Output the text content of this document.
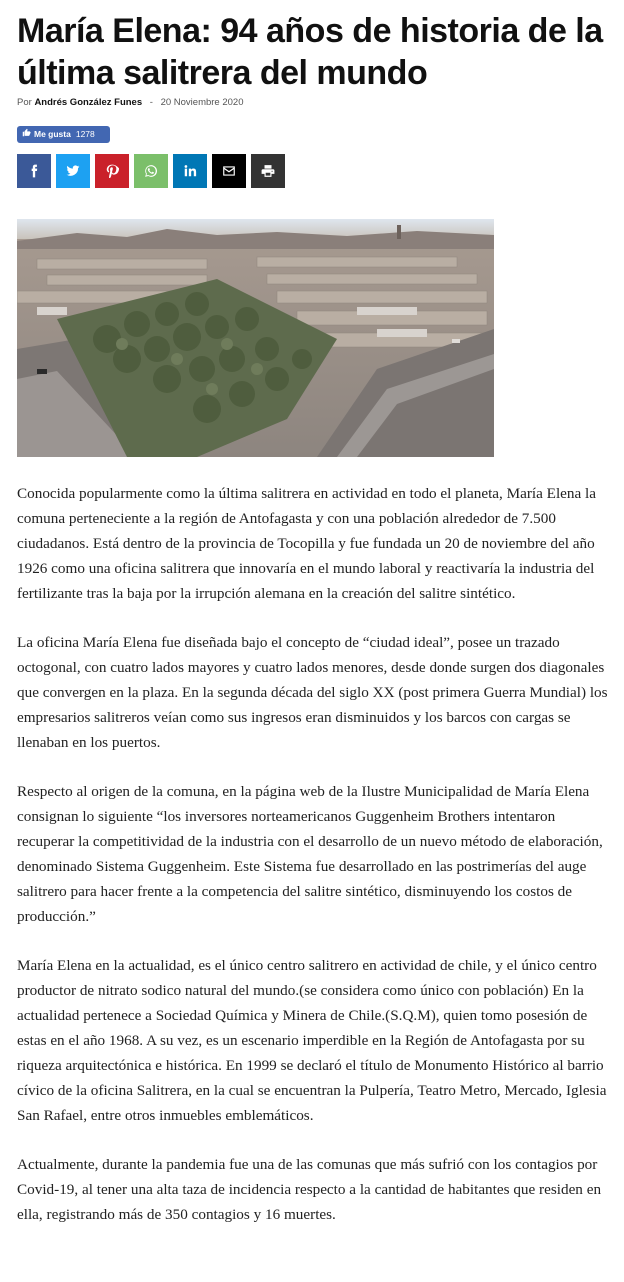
María Elena: 94 años de historia de la última salitrera del mundo
Por Andrés González Funes - 20 Noviembre 2020
Me gusta 1278

Conocida popularmente como la última salitrera en actividad en todo el planeta, María Elena la comuna perteneciente a la región de Antofagasta y con una población alrededor de 7.500 ciudadanos. Está dentro de la provincia de Tocopilla y fue fundada un 20 de noviembre del año 1926 como una oficina salitrera que innovaría en el mundo laboral y reactivaría la industria del fertilizante tras la baja por la irrupción alemana en la creación del salitre sintético.

La oficina María Elena fue diseñada bajo el concepto de “ciudad ideal”, posee un trazado octogonal, con cuatro lados mayores y cuatro lados menores, desde donde surgen dos diagonales que convergen en la plaza. En la segunda década del siglo XX (post primera Guerra Mundial) los empresarios salitreros veían como sus ingresos eran disminuidos y los barcos con cargas se llenaban en los puertos.

Respecto al origen de la comuna, en la página web de la Ilustre Municipalidad de María Elena consignan lo siguiente “los inversores norteamericanos Guggenheim Brothers intentaron recuperar la competitividad de la industria con el desarrollo de un nuevo método de elaboración, denominado Sistema Guggenheim. Este Sistema fue desarrollado en las postrimerías del auge salitrero para hacer frente a la competencia del salitre sintético, disminuyendo los costos de producción.”

María Elena en la actualidad, es el único centro salitrero en actividad de chile, y el único centro productor de nitrato sodico natural del mundo.(se considera como único con población) En la actualidad pertenece a Sociedad Química y Minera de Chile.(S.Q.M), quien tomo posesión de estas en el año 1968. A su vez, es un escenario imperdible en la Región de Antofagasta por su riqueza arquitectónica e histórica. En 1999 se declaró el título de Monumento Histórico al barrio cívico de la oficina Salitrera, en la cual se encuentran la Pulpería, Teatro Metro, Mercado, Iglesia San Rafael, entre otros inmuebles emblemáticos.

Actualmente, durante la pandemia fue una de las comunas que más sufrió con los contagios por Covid-19, al tener una alta taza de incidencia respecto a la cantidad de habitantes que residen en ella, registrando más de 350 contagios y 16 muertes.
